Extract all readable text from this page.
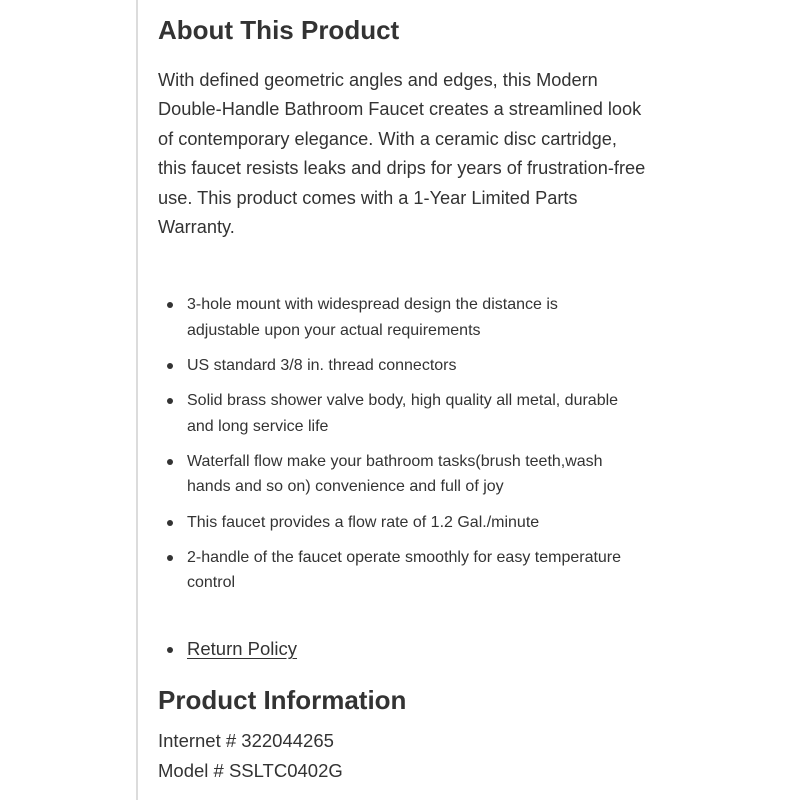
About This Product

With defined geometric angles and edges, this Modern Double-Handle Bathroom Faucet creates a streamlined look of contemporary elegance. With a ceramic disc cartridge, this faucet resists leaks and drips for years of frustration-free use. This product comes with a 1-Year Limited Parts Warranty.

3-hole mount with widespread design the distance is adjustable upon your actual requirements
US standard 3/8 in. thread connectors
Solid brass shower valve body, high quality all metal, durable and long service life
Waterfall flow make your bathroom tasks(brush teeth,wash hands and so on) convenience and full of joy
This faucet provides a flow rate of 1.2 Gal./minute
2-handle of the faucet operate smoothly for easy temperature control
Return Policy
Product Information
Internet # 322044265
Model # SSLTC0402G
